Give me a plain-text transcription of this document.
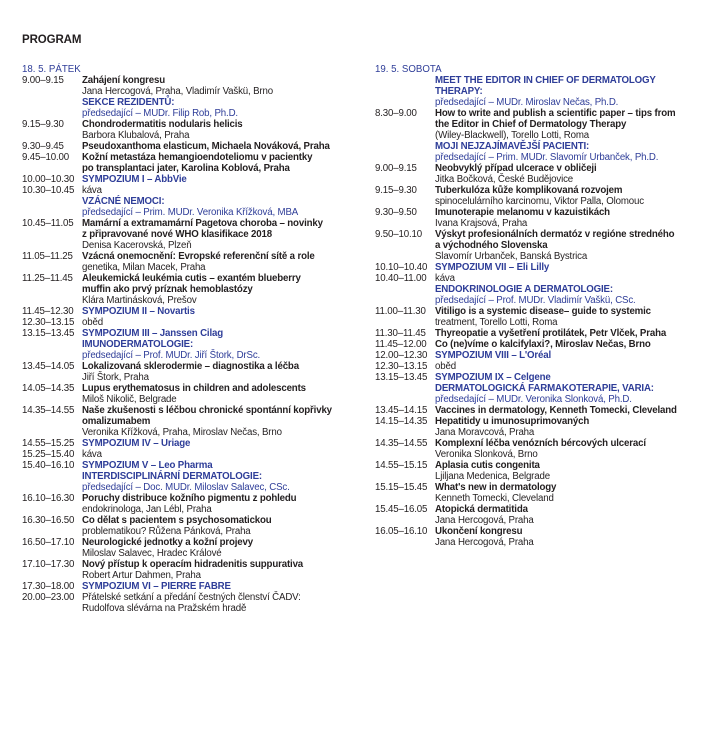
PROGRAM
18. 5. PÁTEK
9.00–9.15	Zahájení kongresu
Jana Hercogová, Praha, Vladimír Vaškü, Brno
SEKCE REZIDENTŮ:
předsedající – MUDr. Filip Rob, Ph.D.
9.15–9.30	Chondrodermatitis nodularis helicis
Barbora Klubalová, Praha
9.30–9.45	Pseudoxanthoma elasticum, Michaela Nováková, Praha
9.45–10.00	Kožní metastáza hemangioendoteliomu v pacientky
po transplantaci jater, Karolina Koblová, Praha
10.00–10.30 SYMPOZIUM I – AbbVie
10.30–10.45 káva
VZÁCNÉ NEMOCI:
předsedající – Prim. MUDr. Veronika Křížková, MBA
10.45–11.05 Mamární a extramamární Pagetova choroba – novinky
z připravované nové WHO klasifikace 2018
Denisa Kacerovská, Plzeň
11.05–11.25 Vzácná onemocnění: Evropské referenční sítě a role
genetika, Milan Macek, Praha
11.25–11.45 Aleukemická leukémia cutis – exantém blueberry
muffin ako prvý príznak hemoblastózy
Klára Martinásková, Prešov
11.45–12.30 SYMPOZIUM II – Novartis
12.30–13.15 oběd
13.15–13.45 SYMPOZIUM III – Janssen Cilag
IMUNODERMATOLOGIE:
předsedající – Prof. MUDr. Jiří Štork, DrSc.
13.45–14.05 Lokalizovaná sklerodermie – diagnostika a léčba
Jiří Štork, Praha
14.05–14.35 Lupus erythematosus in children and adolescents
Miloš Nikolič, Belgrade
14.35–14.55 Naše zkušenosti s léčbou chronické spontánní kopřivky
omalizumabem
Veronika Křížková, Praha, Miroslav Nečas, Brno
14.55–15.25 SYMPOZIUM IV – Uriage
15.25–15.40 káva
15.40–16.10 SYMPOZIUM V – Leo Pharma
INTERDISCIPLINÁRNÍ DERMATOLOGIE:
předsedající – Doc. MUDr. Miloslav Salavec, CSc.
16.10–16.30 Poruchy distribuce kožního pigmentu z pohledu
endokrinologa, Jan Lébl, Praha
16.30–16.50 Co dělat s pacientem s psychosomatickou
problematikou? Růžena Pánková, Praha
16.50–17.10 Neurologické jednotky a kožní projevy
Miloslav Salavec, Hradec Králové
17.10–17.30 Nový přístup k operacím hidradenitis suppurativa
Robert Artur Dahmen, Praha
17.30–18.00 SYMPOZIUM VI – PIERRE FABRE
20.00–23.00 Přátelské setkání a předání čestných členství ČADV:
Rudolfova slévárna na Pražském hradě
19. 5. SOBOTA
MEET THE EDITOR IN CHIEF OF DERMATOLOGY
THERAPY:
předsedající – MUDr. Miroslav Nečas, Ph.D.
8.30–9.00	How to write and publish a scientific paper – tips from
the Editor in Chief of Dermatology Therapy
(Wiley-Blackwell), Torello Lotti, Roma
MOJI NEJZAJÍMAVĚJŠÍ PACIENTI:
předsedající – Prim. MUDr. Slavomír Urbanček, Ph.D.
9.00–9.15	Neobvyklý případ ulcerace v obličeji
Jitka Bočková, České Budějovice
9.15–9.30	Tuberkulóza kůže komplikovaná rozvojem
spinocelulárního karcinomu, Viktor Palla, Olomouc
9.30–9.50	Imunoterapie melanomu v kazuistikách
Ivana Krajsová, Praha
9.50–10.10	Výskyt profesionálních dermatóz v regióne stredného
a východného Slovenska
Slavomír Urbanček, Banská Bystrica
10.10–10.40 SYMPOZIUM VII – Eli Lilly
10.40–11.00 káva
ENDOKRINOLOGIE A DERMATOLOGIE:
předsedající – Prof. MUDr. Vladimír Vaškü, CSc.
11.00–11.30 Vitiligo is a systemic disease– guide to systemic
treatment, Torello Lotti, Roma
11.30–11.45 Thyreopatie a vyšetření protilátek, Petr Vlček, Praha
11.45–12.00 Co (ne)víme o kalcifylaxi?, Miroslav Nečas, Brno
12.00–12.30 SYMPOZIUM VIII – L'Oréal
12.30–13.15 oběd
13.15–13.45 SYMPOZIUM IX – Celgene
DERMATOLOGICKÁ FARMAKOTERAPIE, VARIA:
předsedající – MUDr. Veronika Slonková, Ph.D.
13.45–14.15 Vaccines in dermatology, Kenneth Tomecki, Cleveland
14.15–14.35 Hepatitidy u imunosuprimovaných
Jana Moravcová, Praha
14.35–14.55 Komplexní léčba venózních bércových ulcerací
Veronika Slonková, Brno
14.55–15.15 Aplasia cutis congenita
Ljiljana Medenica, Belgrade
15.15–15.45 What's new in dermatology
Kenneth Tomecki, Cleveland
15.45–16.05 Atopická dermatitida
Jana Hercogová, Praha
16.05–16.10 Ukončení kongresu
Jana Hercogová, Praha
